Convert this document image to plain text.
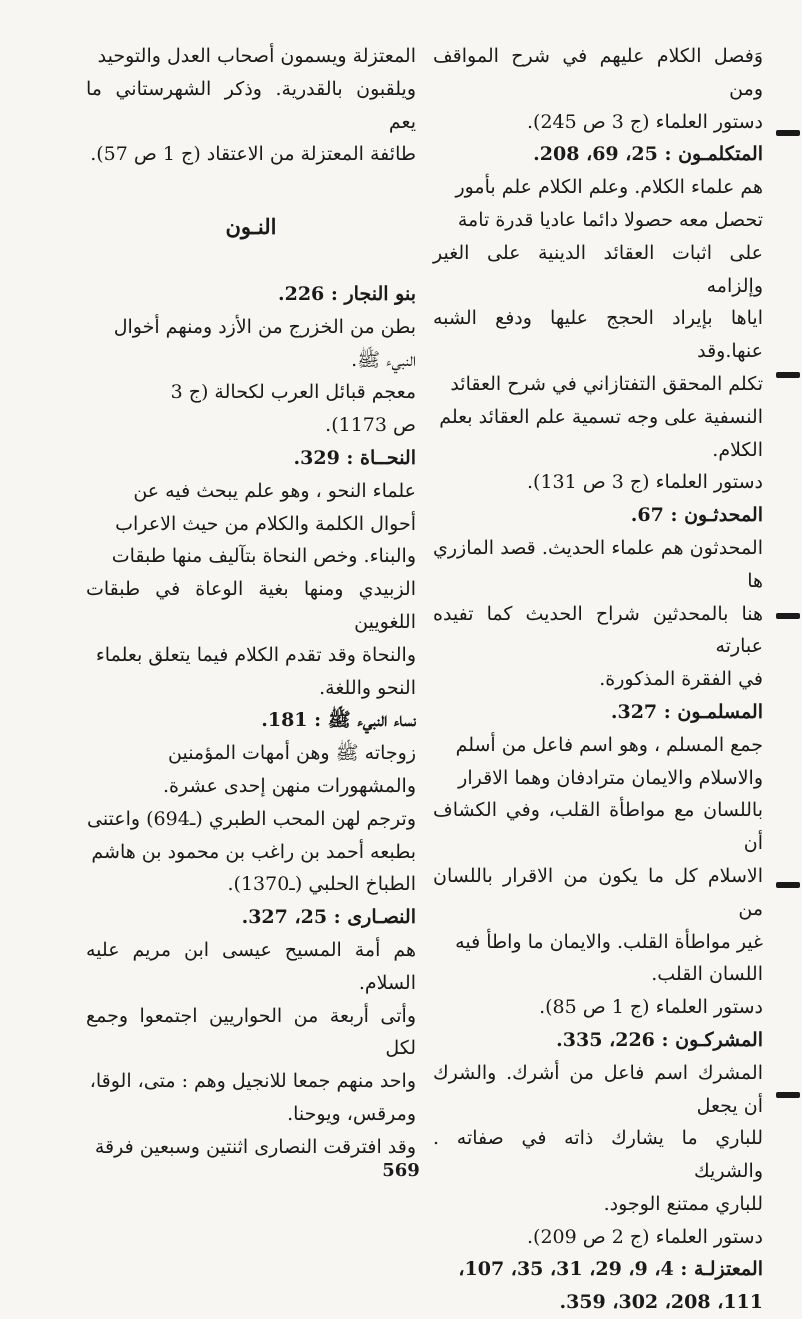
وَفصل الكلام عليهم في شرح المواقف ومن

دستور العلماء (ج 3 ص 245).

المتكلمـون : 25، 69، 208.

هم علماء الكلام. وعلم الكلام علم بأمور

تحصل معه حصولا دائما عاديا قدرة تامة

على اثبات العقائد الدينية على الغير وإلزامه

اياها بإيراد الحجج عليها ودفع الشبه عنها.وقد

تكلم المحقق التفتازاني في شرح العقائد

النسفية على وجه تسمية علم العقائد بعلم

الكلام.

دستور العلماء (ج 3 ص 131).

المحدثـون : 67.

المحدثون هم علماء الحديث. قصد المازري ها

هنا بالمحدثين شراح الحديث كما تفيده عبارته

في الفقرة المذكورة.

المسلمـون : 327.

جمع المسلم ، وهو اسم فاعل من أسلم

والاسلام والايمان مترادفان وهما الاقرار

باللسان مع مواطأة القلب، وفي الكشاف أن

الاسلام كل ما يكون من الاقرار باللسان من

غير مواطأة القلب. والايمان ما واطأ فيه

اللسان القلب.

دستور العلماء (ج 1 ص 85).

المشركـون : 226، 335.

المشرك اسم فاعل من أشرك. والشرك أن يجعل

للباري ما يشارك ذاته في صفاته . والشريك

للباري ممتنع الوجود.

دستور العلماء (ج 2 ص 209).

المعتزلـة : 4، 9، 29، 31، 35، 107،

111، 208، 302، 359.

المعتزلة ويسمون أصحاب العدل والتوحيد

ويلقبون بالقدرية. وذكر الشهرستاني ما يعم

طائفة المعتزلة من الاعتقاد (ج 1 ص 57).

النـون

بنو النجار : 226.

بطن من الخزرج من الأزد ومنهم أخوال

النبيء ﷺ.

معجم قبائل العرب لكحالة (ج 3

ص 1173).

النحــاة : 329.

علماء النحو ، وهو علم يبحث فيه عن

أحوال الكلمة والكلام من حيث الاعراب

والبناء. وخص النحاة بتآليف منها طبقات

الزبيدي ومنها بغية الوعاة في طبقات اللغويين

والنحاة وقد تقدم الكلام فيما يتعلق بعلماء

النحو واللغة.

نساء النبيء ﷺ : 181.

زوجاته ﷺ وهن أمهات المؤمنين

والمشهورات منهن إحدى عشرة.

وترجم لهن المحب الطبري (ـ694) واعتنى

بطبعه أحمد بن راغب بن محمود بن هاشم

الطباخ الحلبي (ـ1370).

النصـارى : 25، 327.

هم أمة المسيح عيسى ابن مريم عليه السلام.

وأتى أربعة من الحواريين اجتمعوا وجمع لكل

واحد منهم جمعا للانجيل وهم : متى، الوقا،

ومرقس، ويوحنا.

وقد افترقت النصارى اثنتين وسبعين فرقة

569
